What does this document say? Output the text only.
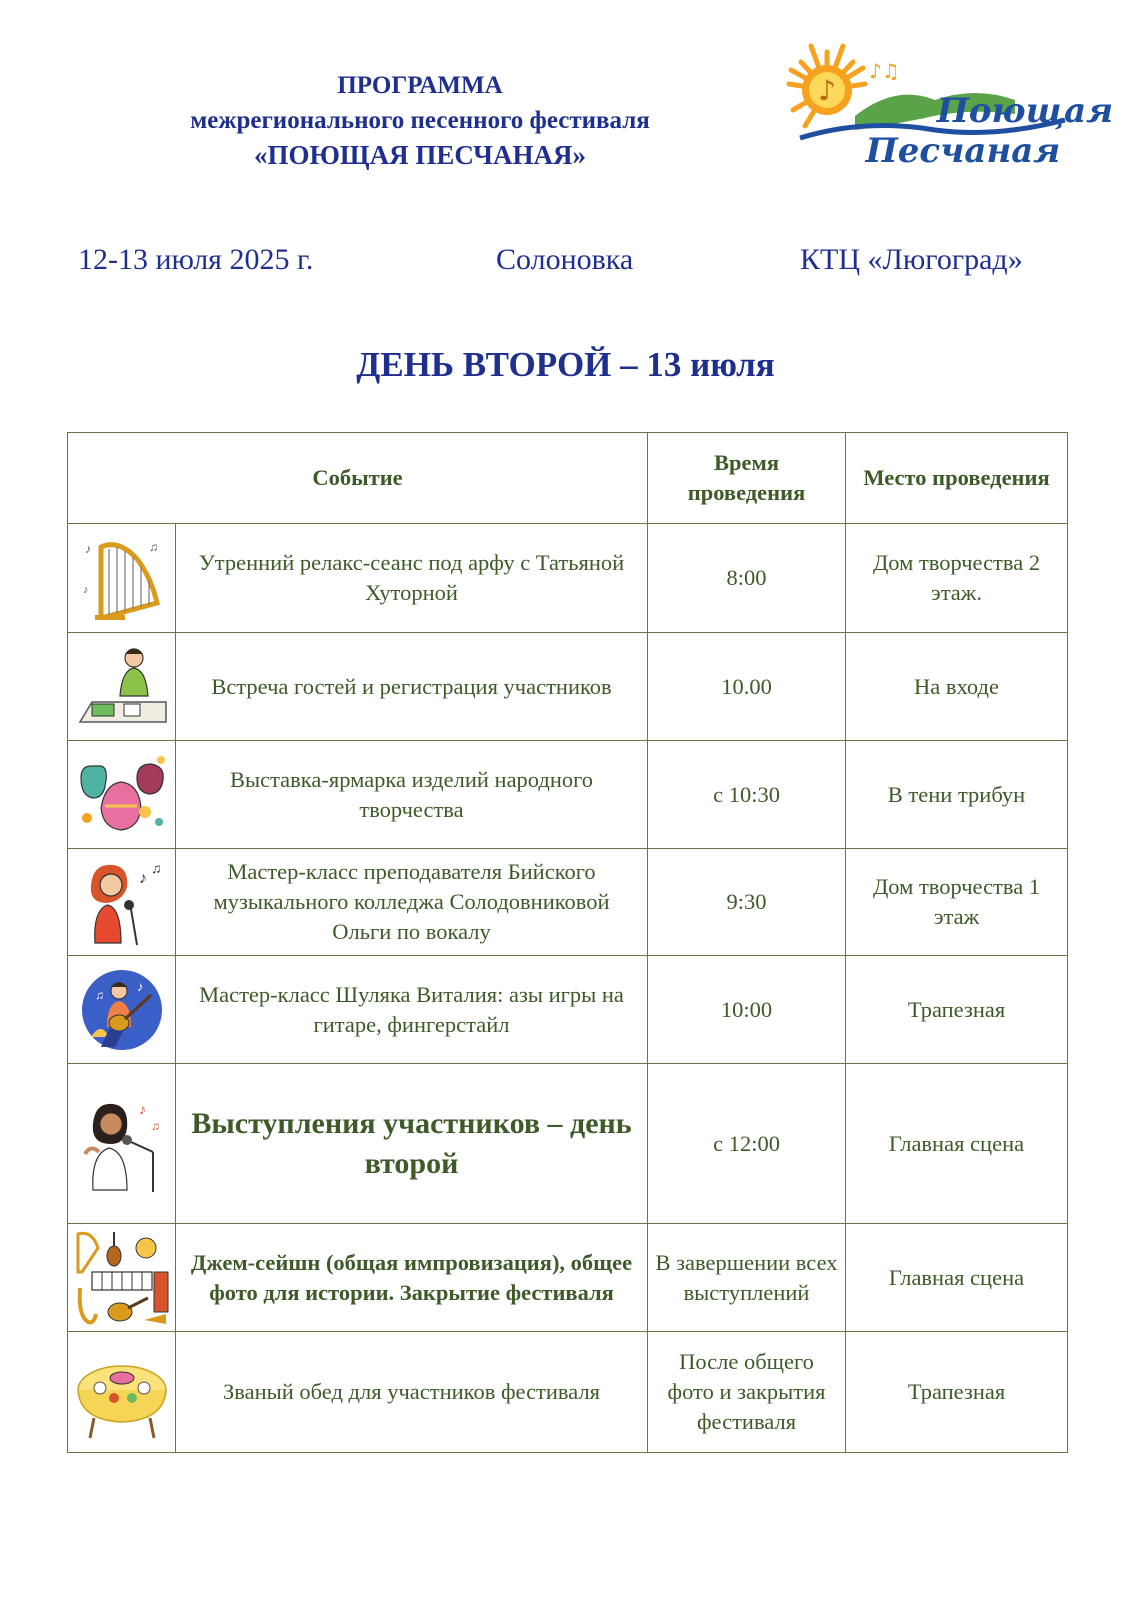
ПРОГРАММА
межрегионального песенного фестиваля
«ПОЮЩАЯ ПЕСЧАНАЯ»
♪
♪♫
Поющая
Песчаная
12-13 июля 2025 г.	Солоновка	КТЦ «Люгоград»
ДЕНЬ ВТОРОЙ – 13 июля
Событие		Время проведения	Место проведения

♪ ♫
♪	Утренний релакс-сеанс под арфу с Татьяной Хуторной	8:00	Дом творчества 2 этаж.

	Встреча гостей и регистрация участников	10.00	На входе

	Выставка-ярмарка изделий народного творчества	с 10:30	В тени трибун

♪
♫	Мастер-класс преподавателя Бийского музыкального колледжа Солодовниковой Ольги по вокалу	9:30	Дом творчества 1 этаж

♪
♫	Мастер-класс Шуляка Виталия: азы игры на гитаре, фингерстайл	10:00	Трапезная

♪
♫	Выступления участников – день второй	с 12:00	Главная сцена

	Джем-сейшн (общая импровизация), общее фото для истории. Закрытие фестиваля	В завершении всех выступлений	Главная сцена

	Званый обед для участников фестиваля	После общего фото и закрытия фестиваля	Трапезная
